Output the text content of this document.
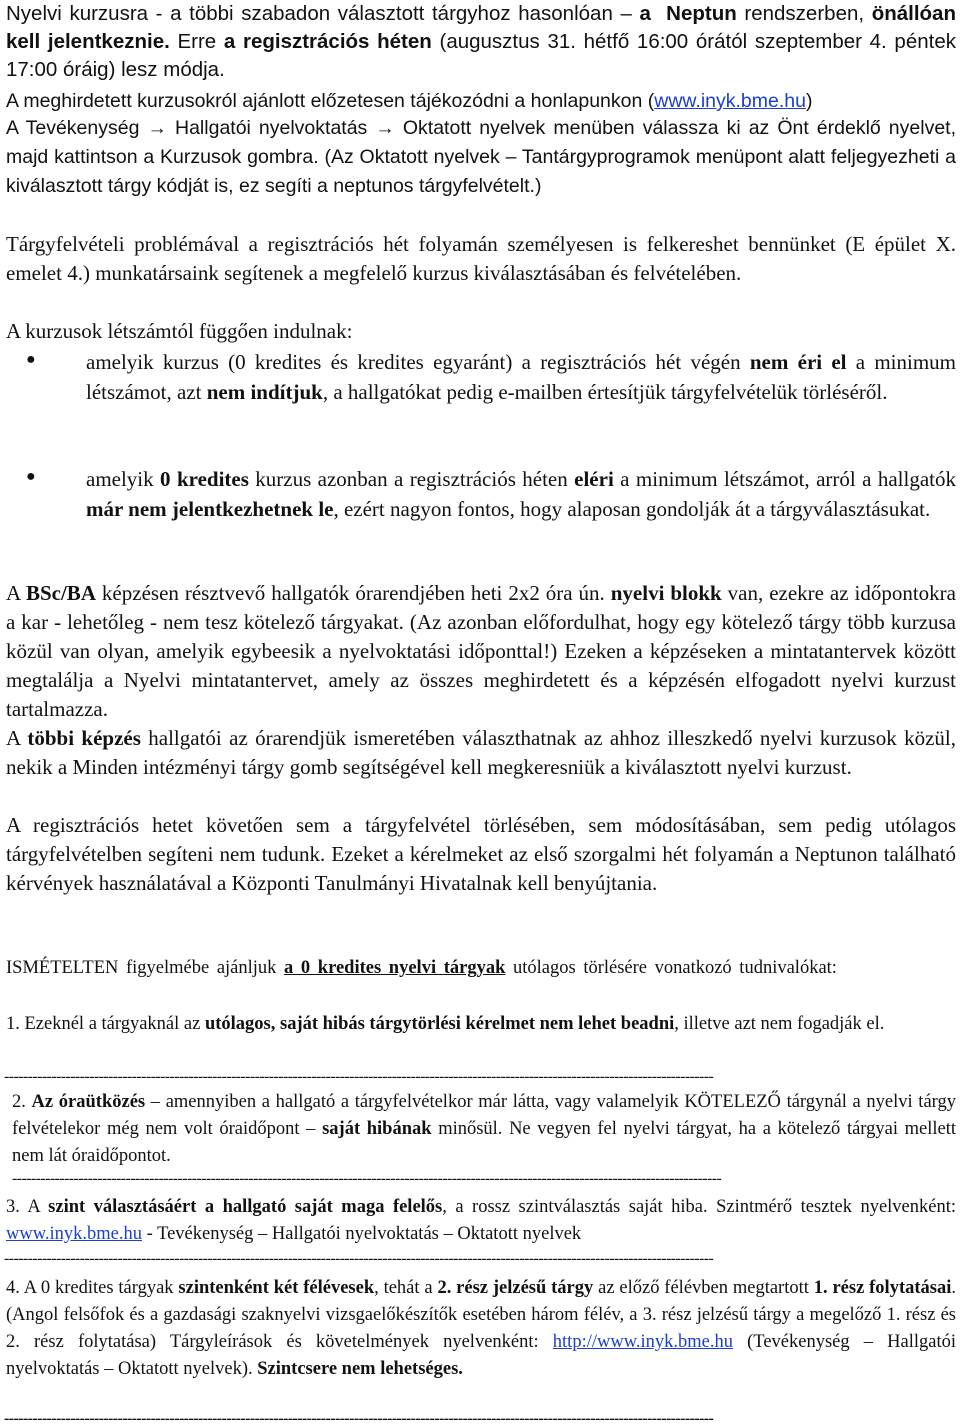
Nyelvi kurzusra - a többi szabadon választott tárgyhoz hasonlóan – a Neptun rendszerben, önállóan kell jelentkeznie. Erre a regisztrációs héten (augusztus 31. hétfő 16:00 órától szeptember 4. péntek 17:00 óráig) lesz módja.

A meghirdetett kurzusokról ajánlott előzetesen tájékozódni a honlapunkon (www.inyk.bme.hu)

A Tevékenység → Hallgatói nyelvoktatás → Oktatott nyelvek menüben válassza ki az Önt érdeklő nyelvet, majd kattintson a Kurzusok gombra. (Az Oktatott nyelvek – Tantárgyprogramok menüpont alatt feljegyezheti a kiválasztott tárgy kódját is, ez segíti a neptunos tárgyfelvételt.)

Tárgyfelvételi problémával a regisztrációs hét folyamán személyesen is felkereshet bennünket (E épület X. emelet 4.) munkatársaink segítenek a megfelelő kurzus kiválasztásában és felvételében.

A kurzusok létszámtól függően indulnak:

● amelyik kurzus (0 kredites és kredites egyaránt) a regisztrációs hét végén nem éri el a minimum létszámot, azt nem indítjuk, a hallgatókat pedig e-mailben értesítjük tárgyfelvételük törléséről.

● amelyik 0 kredites kurzus azonban a regisztrációs héten eléri a minimum létszámot, arról a hallgatók már nem jelentkezhetnek le, ezért nagyon fontos, hogy alaposan gondolják át a tárgyválasztásukat.

A BSc/BA képzésen résztvevő hallgatók órarendjében heti 2x2 óra ún. nyelvi blokk van, ezekre az időpontokra a kar - lehetőleg - nem tesz kötelező tárgyakat. (Az azonban előfordulhat, hogy egy kötelező tárgy több kurzusa közül van olyan, amelyik egybeesik a nyelvoktatási időponttal!) Ezeken a képzéseken a mintatantervek között megtalálja a Nyelvi mintatantervet, amely az összes meghirdetett és a képzésén elfogadott nyelvi kurzust tartalmazza.

A többi képzés hallgatói az órarendjük ismeretében választhatnak az ahhoz illeszkedő nyelvi kurzusok közül, nekik a Minden intézményi tárgy gomb segítségével kell megkeresniük a kiválasztott nyelvi kurzust.

A regisztrációs hetet követően sem a tárgyfelvétel törlésében, sem módosításában, sem pedig utólagos tárgyfelvételben segíteni nem tudunk. Ezeket a kérelmeket az első szorgalmi hét folyamán a Neptunon található kérvények használatával a Központi Tanulmányi Hivatalnak kell benyújtania.

ISMÉTELTEN figyelmébe ajánljuk a 0 kredites nyelvi tárgyak utólagos törlésére vonatkozó tudnivalókat:

1. Ezeknél a tárgyaknál az utólagos, saját hibás tárgytörlési kérelmet nem lehet beadni, illetve azt nem fogadják el.

------------------------------------------------------------------------------------------------------------------------------------------------------

2. Az óraütközés – amennyiben a hallgató a tárgyfelvételkor már látta, vagy valamelyik KÖTELEZŐ tárgynál a nyelvi tárgy felvételekor még nem volt óraidőpont – saját hibának minősül. Ne vegyen fel nyelvi tárgyat, ha a kötelező tárgyai mellett nem lát óraidőpontot.

------------------------------------------------------------------------------------------------------------------------------------------------------

3. A szint választásáért a hallgató saját maga felelős, a rossz szintválasztás saját hiba. Szintmérő tesztek nyelvenként: www.inyk.bme.hu - Tevékenység – Hallgatói nyelvoktatás – Oktatott nyelvek

------------------------------------------------------------------------------------------------------------------------------------------------------

4. A 0 kredites tárgyak szintenként két félévesek, tehát a 2. rész jelzésű tárgy az előző félévben megtartott 1. rész folytatásai. (Angol felsőfok és a gazdasági szaknyelvi vizsgaelőkészítők esetében három félév, a 3. rész jelzésű tárgy a megelőző 1. rész és 2. rész folytatása) Tárgyleírások és követelmények nyelvenként: http://www.inyk.bme.hu (Tevékenység – Hallgatói nyelvoktatás – Oktatott nyelvek). Szintcsere nem lehetséges.

------------------------------------------------------------------------------------------------------------------------------------------------------
